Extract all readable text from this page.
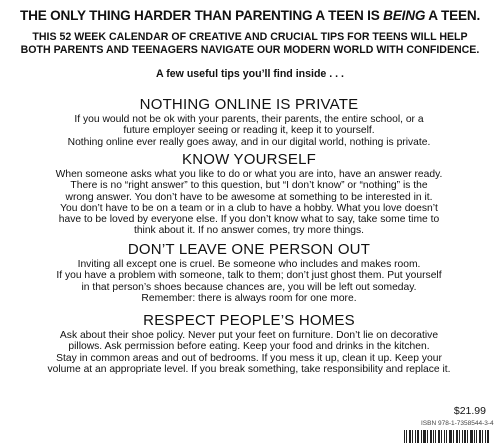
THE ONLY THING HARDER THAN PARENTING A TEEN IS BEING A TEEN.
THIS 52 WEEK CALENDAR OF CREATIVE AND CRUCIAL TIPS FOR TEENS WILL HELP
BOTH PARENTS AND TEENAGERS NAVIGATE OUR MODERN WORLD WITH CONFIDENCE.
A few useful tips you’ll find inside . . .
NOTHING ONLINE IS PRIVATE
If you would not be ok with your parents, their parents, the entire school, or a
future employer seeing or reading it, keep it to yourself.
Nothing online ever really goes away, and in our digital world, nothing is private.
KNOW YOURSELF
When someone asks what you like to do or what you are into, have an answer ready.
There is no “right answer” to this question, but “I don’t know” or “nothing” is the
wrong answer. You don’t have to be awesome at something to be interested in it.
You don’t have to be on a team or in a club to have a hobby. What you love doesn’t
have to be loved by everyone else. If you don’t know what to say, take some time to
think about it. If no answer comes, try more things.
DON’T LEAVE ONE PERSON OUT
Inviting all except one is cruel. Be someone who includes and makes room.
If you have a problem with someone, talk to them; don’t just ghost them. Put yourself
in that person’s shoes because chances are, you will be left out someday.
Remember: there is always room for one more.
RESPECT PEOPLE’S HOMES
Ask about their shoe policy. Never put your feet on furniture. Don’t lie on decorative
pillows. Ask permission before eating. Keep your food and drinks in the kitchen.
Stay in common areas and out of bedrooms. If you mess it up, clean it up. Keep your
volume at an appropriate level. If you break something, take responsibility and replace it.
$21.99
ISBN 978-1-7358544-3-4
